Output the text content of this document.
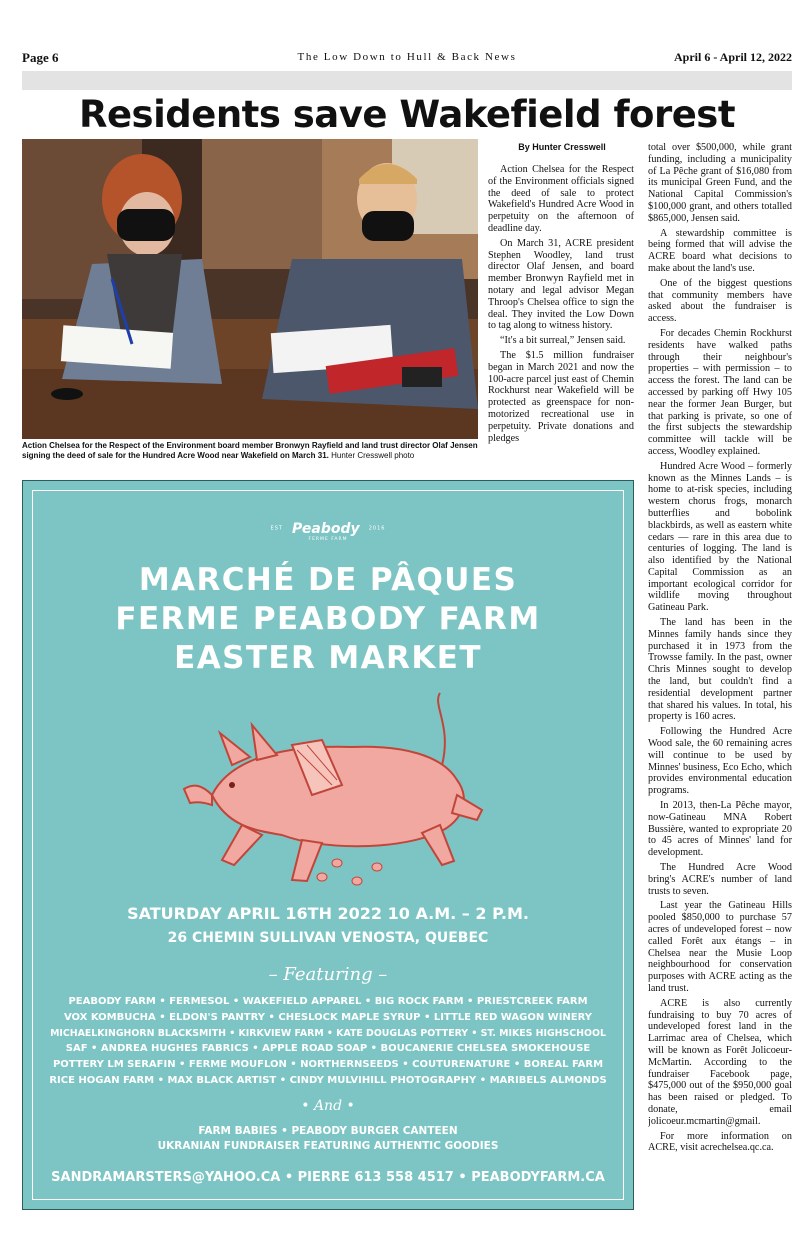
Page 6	The Low Down to Hull & Back News	April 6 - April 12, 2022
Residents save Wakefield forest
Action Chelsea for the Respect of the Environment board member Bronwyn Rayfield and land trust director Olaf Jensen signing the deed of sale for the Hundred Acre Wood near Wakefield on March 31. Hunter Cresswell photo
By Hunter Cresswell

Action Chelsea for the Respect of the Environment officials signed the deed of sale to protect Wakefield's Hundred Acre Wood in perpetuity on the afternoon of deadline day.

On March 31, ACRE president Stephen Woodley, land trust director Olaf Jensen, and board member Bronwyn Rayfield met in notary and legal advisor Megan Throop's Chelsea office to sign the deal. They invited the Low Down to tag along to witness history.

“It's a bit surreal,” Jensen said.

The $1.5 million fundraiser began in March 2021 and now the 100-acre parcel just east of Chemin Rockhurst near Wakefield will be protected as greenspace for non-motorized recreational use in perpetuity. Private donations and pledges

total over $500,000, while grant funding, including a municipality of La Pêche grant of $16,080 from its municipal Green Fund, and the National Capital Commission's $100,000 grant, and others totalled $865,000, Jensen said.

A stewardship committee is being formed that will advise the ACRE board what decisions to make about the land's use.

One of the biggest questions that community members have asked about the fundraiser is access.

For decades Chemin Rockhurst residents have walked paths through their neighbour's properties – with permission – to access the forest. The land can be accessed by parking off Hwy 105 near the former Jean Burger, but that parking is private, so one of the first subjects the stewardship committee will tackle will be access, Woodley explained.

Hundred Acre Wood – formerly known as the Minnes Lands – is home to at-risk species, including western chorus frogs, monarch butterflies and bobolink blackbirds, as well as eastern white cedars — rare in this area due to centuries of logging. The land is also identified by the National Capital Commission as an important ecological corridor for wildlife moving throughout Gatineau Park.

The land has been in the Minnes family hands since they purchased it in 1973 from the Trowsse family. In the past, owner Chris Minnes sought to develop the land, but couldn't find a residential development partner that shared his values. In total, his property is 160 acres.

Following the Hundred Acre Wood sale, the 60 remaining acres will continue to be used by Minnes' business, Eco Echo, which provides environmental education programs.

In 2013, then-La Pêche mayor, now-Gatineau MNA Robert Bussière, wanted to expropriate 20 to 45 acres of Minnes' land for development.

The Hundred Acre Wood bring's ACRE's number of land trusts to seven.

Last year the Gatineau Hills pooled $850,000 to purchase 57 acres of undeveloped forest – now called Forêt aux étangs – in Chelsea near the Musie Loop neighbourhood for conservation purposes with ACRE acting as the land trust.

ACRE is also currently fundraising to buy 70 acres of undeveloped forest land in the Larrimac area of Chelsea, which will be known as Forêt Jolicoeur-McMartin. According to the fundraiser Facebook page, $475,000 out of the $950,000 goal has been raised or pledged. To donate, email jolicoeur.mcmartin@gmail.

For more information on ACRE, visit acrechelsea.qc.ca.

EST Peabody 2016
FERME FARM
MARCHÉ DE PÂQUES
FERME PEABODY FARM
EASTER MARKET
SATURDAY APRIL 16TH 2022 10 A.M. – 2 P.M.
26 CHEMIN SULLIVAN VENOSTA, QUEBEC
– Featuring –
PEABODY FARM • FERMESOL • WAKEFIELD APPAREL • BIG ROCK FARM • PRIESTCREEK FARM
VOX KOMBUCHA • ELDON'S PANTRY • CHESLOCK MAPLE SYRUP • LITTLE RED WAGON WINERY
MICHAELKINGHORN BLACKSMITH • KIRKVIEW FARM • KATE DOUGLAS POTTERY • ST. MIKES HIGHSCHOOL
SAF • ANDREA HUGHES FABRICS • APPLE ROAD SOAP • BOUCANERIE CHELSEA SMOKEHOUSE
POTTERY LM SERAFIN • FERME MOUFLON • NORTHERNSEEDS • COUTURENATURE • BOREAL FARM
RICE HOGAN FARM • MAX BLACK ARTIST • CINDY MULVIHILL PHOTOGRAPHY • MARIBELS ALMONDS
• And •
FARM BABIES • PEABODY BURGER CANTEEN
UKRANIAN FUNDRAISER FEATURING AUTHENTIC GOODIES
SANDRAMARSTERS@YAHOO.CA • PIERRE 613 558 4517 • PEABODYFARM.CA
